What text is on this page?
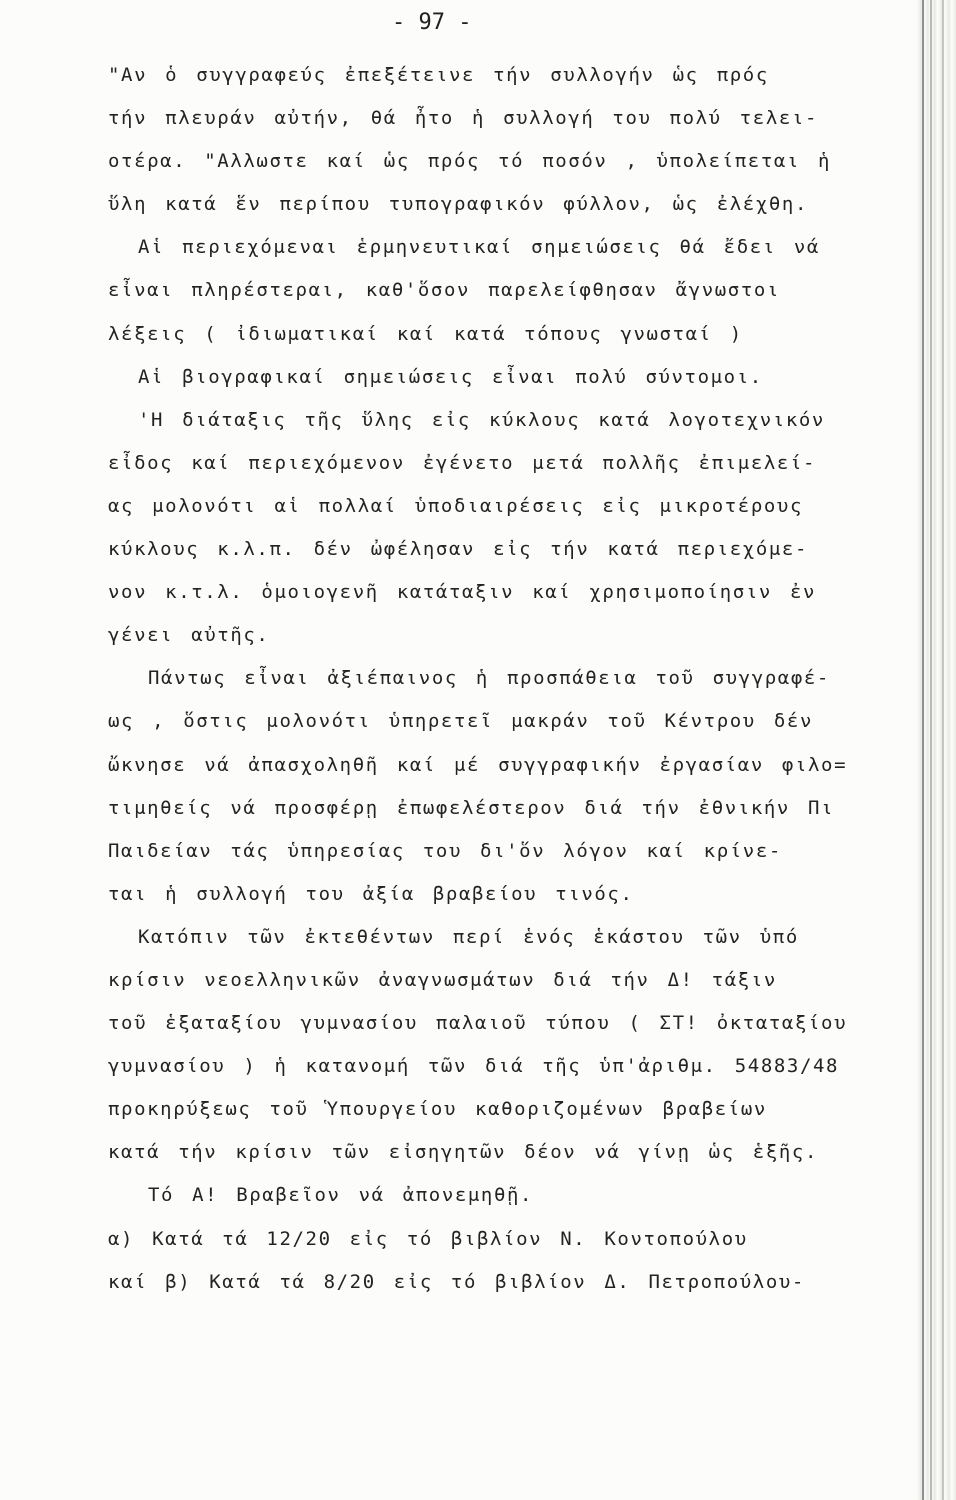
- 97 -
"Αν ὁ συγγραφεύς ἐπεξέτεινε τήν συλλογήν ὡς πρός
τήν πλευράν αὐτήν, θά ἦτο ἡ συλλογή του πολύ τελει-
οτέρα. "Αλλωστε καί ὡς πρός τό ποσόν , ὑπολείπεται ἡ
ὕλη κατά ἕν περίπου τυπογραφικόν φύλλον, ὡς ἐλέχθη.
Αἱ περιεχόμεναι ἑρμηνευτικαί σημειώσεις θά ἔδει νά
εἶναι πληρέστεραι, καθ'ὅσον παρελείφθησαν ἄγνωστοι
λέξεις ( ἰδιωματικαί καί κατά τόπους γνωσταί )
Αἱ βιογραφικαί σημειώσεις εἶναι πολύ σύντομοι.
'Η διάταξις τῆς ὕλης εἰς κύκλους κατά λογοτεχνικόν
εἶδος καί περιεχόμενον ἐγένετο μετά πολλῆς ἐπιμελεί-
ας μολονότι αἱ πολλαί ὑποδιαιρέσεις εἰς μικροτέρους
κύκλους κ.λ.π. δέν ὠφέλησαν εἰς τήν κατά περιεχόμε-
νον κ.τ.λ. ὁμοιογενῆ κατάταξιν καί χρησιμοποίησιν ἐν
γένει αὐτῆς.
Πάντως εἶναι ἀξιέπαινος ἡ προσπάθεια τοῦ συγγραφέ-
ως , ὅστις μολονότι ὑπηρετεῖ μακράν τοῦ Κέντρου δέν
ὤκνησε νά ἀπασχοληθῆ καί μέ συγγραφικήν ἐργασίαν φιλο=
τιμηθείς νά προσφέρῃ ἐπωφελέστερον διά τήν ἐθνικήν Πι
Παιδείαν τάς ὑπηρεσίας του δι'ὅν λόγον καί κρίνε-
ται ἡ συλλογή του ἀξία βραβείου τινός.
Κατόπιν τῶν ἐκτεθέντων περί ἑνός ἑκάστου τῶν ὑπό
κρίσιν νεοελληνικῶν ἀναγνωσμάτων διά τήν Δ! τάξιν
τοῦ ἑξαταξίου γυμνασίου παλαιοῦ τύπου ( ΣΤ! ὀκταταξίου
γυμνασίου ) ἡ κατανομή τῶν διά τῆς ὑπ'ἀριθμ. 54883/48
προκηρύξεως τοῦ Ὑπουργείου καθοριζομένων βραβείων
κατά τήν κρίσιν τῶν εἰσηγητῶν δέον νά γίνῃ ὡς ἑξῆς.
Τό Α! Βραβεῖον νά ἀπονεμηθῇ.
α) Κατά τά 12/20 εἰς τό βιβλίον Ν. Κοντοπούλου
καί β) Κατά τά 8/20 εἰς τό βιβλίον Δ. Πετροπούλου-
